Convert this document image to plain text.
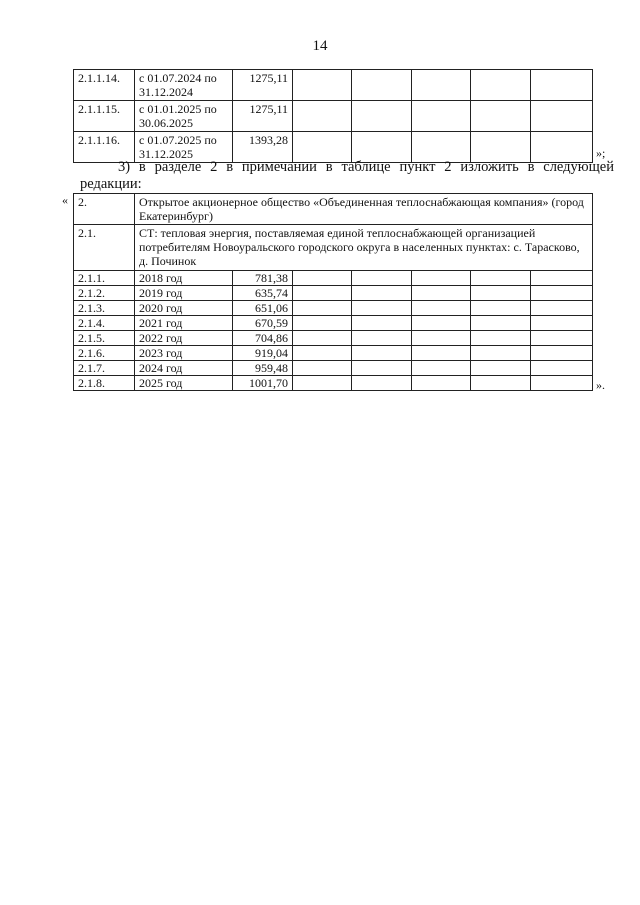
14
2.1.1.14.	с 01.07.2024 по 31.12.2024	1275,11					
2.1.1.15.	с 01.01.2025 по 30.06.2025	1275,11					
2.1.1.16.	с 01.07.2025 по 31.12.2025	1393,28					
»;
3) в разделе 2 в примечании в таблице пункт 2 изложить в следующей редакции:
« 2.	Открытое акционерное общество «Объединенная теплоснабжающая компания» (город Екатеринбург)						
2.1.	СТ: тепловая энергия, поставляемая единой теплоснабжающей организацией потребителям Новоуральского городского округа в населенных пунктах: с. Тарасково, д. Починок						
2.1.1.	2018 год	781,38					
2.1.2.	2019 год	635,74					
2.1.3.	2020 год	651,06					
2.1.4.	2021 год	670,59					
2.1.5.	2022 год	704,86					
2.1.6.	2023 год	919,04					
2.1.7.	2024 год	959,48					
2.1.8.	2025 год	1001,70						».
